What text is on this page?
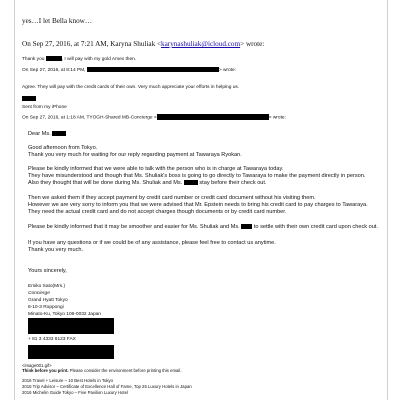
yes…I let Bella know…
On Sep 27, 2016, at 7:21 AM, Karyna Shuliak <karynashuliak@icloud.com> wrote:
Thank you	, I will pay with my gold Amex then.
On Sep 27, 2016, at 8:14 PM,	> wrote:
Agree. They will pay with the credit cards of their own. Very much appreciate your efforts in helping us.
Sent from my iPhone
On Sep 27, 2016, at 1:18 AM, TYOGH-Shared MB-Concierge <	> wrote:
Dear Ms.
Good afternoon from Tokyo.
Thank you very much for waiting for our reply regarding payment at Tawaraya Ryokan.
Please be kindly informed that we were able to talk with the person who is in charge at Tawaraya today.
They have misunderstood and though that Ms. Shuliak's boss is going to go directly to Tawaraya to make the payment directly in person.
Also they thought that will be done during Ms. Shuliak and Ms.	stay before their check out.
Then we asked them if they accept payment by credit card number or credit card document without his visiting them.
However we are very sorry to inform you that we were advised that Mr. Epstein needs to bring his credit card to pay charges to Tawaraya.
They need the actual credit card and do not accept charges though documents or by credit card number.
Please be kindly informed that it may be smoother and easier for Ms. Shuliak and Ms.	to settle with their own credit card upon check out.
If you have any questions or if we could be of any assistance, please feel free to contact us anytime.
Thank you very much.
Yours sincerely,
Emiko Sato(Mrs.)
Concierge
Grand Hyatt Tokyo
6-10-3 Roppongi
Minato-Ku, Tokyo 106-0032 Japan
+ 81 3 4333 8123 FAX
<image001.gif>
Think before you print. Please consider the environment before printing this email.
2016 Travel + Leisure – 10 Best Hotels in Tokyo
2016 Trip Advisor – Certificate of Excellence Hall of Fame, Top 25 Luxury Hotels in Japan
2016 Michelin Guide Tokyo – Five Pavilion Luxury Hotel
